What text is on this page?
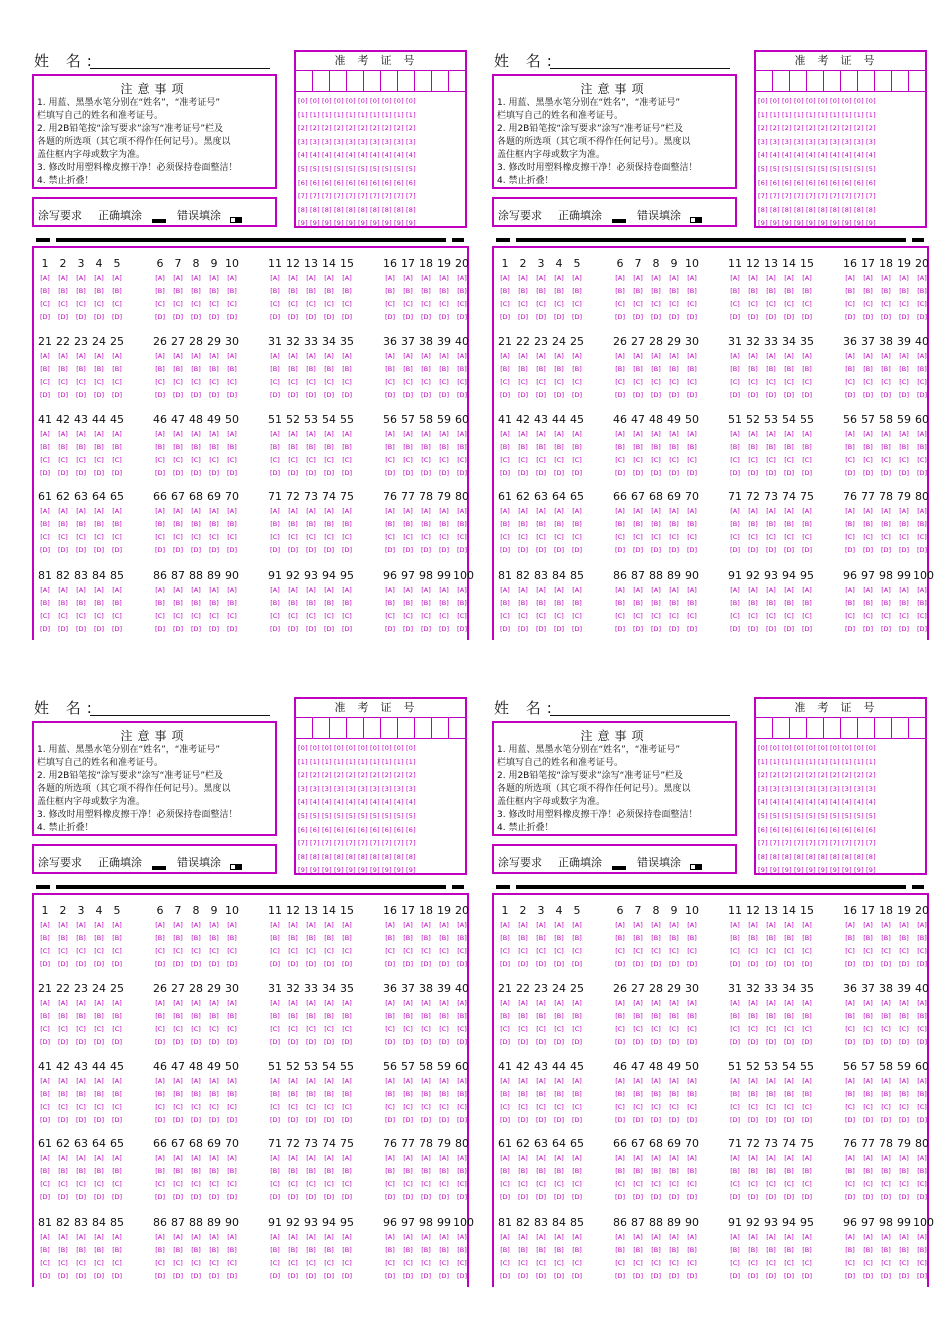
姓 名:
注意事项
1. 用蓝、黑墨水笔分别在“姓名”，“准考证号”
栏填写自己的姓名和准考证号。
2. 用2B铅笔按“涂写要求”涂写“准考证号”栏及
各题的所选项（其它项不得作任何记号）。黑度以
盖住框内字母或数字为准。
3. 修改时用塑料橡皮擦干净！必须保持卷面整洁！
4. 禁止折叠！
涂写要求 正确填涂	错误填涂
准考证号
[0] [0] [0] [0] [0] [0] [0] [0] [0] [0]
[1] [1] [1] [1] [1] [1] [1] [1] [1] [1]
[2] [2] [2] [2] [2] [2] [2] [2] [2] [2]
[3] [3] [3] [3] [3] [3] [3] [3] [3] [3]
[4] [4] [4] [4] [4] [4] [4] [4] [4] [4]
[5] [5] [5] [5] [5] [5] [5] [5] [5] [5]
[6] [6] [6] [6] [6] [6] [6] [6] [6] [6]
[7] [7] [7] [7] [7] [7] [7] [7] [7] [7]
[8] [8] [8] [8] [8] [8] [8] [8] [8] [8]
[9] [9] [9] [9] [9] [9] [9] [9] [9] [9]
1 2 3 4 5
[A] [A] [A] [A] [A]
[B] [B] [B] [B] [B]
[C] [C] [C] [C] [C]
[D] [D] [D] [D] [D]
6 7 8 9 10
[A] [A] [A] [A] [A]
[B] [B] [B] [B] [B]
[C] [C] [C] [C] [C]
[D] [D] [D] [D] [D]
11 12 13 14 15
[A] [A] [A] [A] [A]
[B] [B] [B] [B] [B]
[C] [C] [C] [C] [C]
[D] [D] [D] [D] [D]
16 17 18 19 20
[A] [A] [A] [A] [A]
[B] [B] [B] [B] [B]
[C] [C] [C] [C] [C]
[D] [D] [D] [D] [D]
21 22 23 24 25
[A] [A] [A] [A] [A]
[B] [B] [B] [B] [B]
[C] [C] [C] [C] [C]
[D] [D] [D] [D] [D]
26 27 28 29 30
[A] [A] [A] [A] [A]
[B] [B] [B] [B] [B]
[C] [C] [C] [C] [C]
[D] [D] [D] [D] [D]
31 32 33 34 35
[A] [A] [A] [A] [A]
[B] [B] [B] [B] [B]
[C] [C] [C] [C] [C]
[D] [D] [D] [D] [D]
36 37 38 39 40
[A] [A] [A] [A] [A]
[B] [B] [B] [B] [B]
[C] [C] [C] [C] [C]
[D] [D] [D] [D] [D]
41 42 43 44 45
[A] [A] [A] [A] [A]
[B] [B] [B] [B] [B]
[C] [C] [C] [C] [C]
[D] [D] [D] [D] [D]
46 47 48 49 50
[A] [A] [A] [A] [A]
[B] [B] [B] [B] [B]
[C] [C] [C] [C] [C]
[D] [D] [D] [D] [D]
51 52 53 54 55
[A] [A] [A] [A] [A]
[B] [B] [B] [B] [B]
[C] [C] [C] [C] [C]
[D] [D] [D] [D] [D]
56 57 58 59 60
[A] [A] [A] [A] [A]
[B] [B] [B] [B] [B]
[C] [C] [C] [C] [C]
[D] [D] [D] [D] [D]
61 62 63 64 65
[A] [A] [A] [A] [A]
[B] [B] [B] [B] [B]
[C] [C] [C] [C] [C]
[D] [D] [D] [D] [D]
66 67 68 69 70
[A] [A] [A] [A] [A]
[B] [B] [B] [B] [B]
[C] [C] [C] [C] [C]
[D] [D] [D] [D] [D]
71 72 73 74 75
[A] [A] [A] [A] [A]
[B] [B] [B] [B] [B]
[C] [C] [C] [C] [C]
[D] [D] [D] [D] [D]
76 77 78 79 80
[A] [A] [A] [A] [A]
[B] [B] [B] [B] [B]
[C] [C] [C] [C] [C]
[D] [D] [D] [D] [D]
81 82 83 84 85
[A] [A] [A] [A] [A]
[B] [B] [B] [B] [B]
[C] [C] [C] [C] [C]
[D] [D] [D] [D] [D]
86 87 88 89 90
[A] [A] [A] [A] [A]
[B] [B] [B] [B] [B]
[C] [C] [C] [C] [C]
[D] [D] [D] [D] [D]
91 92 93 94 95
[A] [A] [A] [A] [A]
[B] [B] [B] [B] [B]
[C] [C] [C] [C] [C]
[D] [D] [D] [D] [D]
96 97 98 99 100
[A] [A] [A] [A] [A]
[B] [B] [B] [B] [B]
[C] [C] [C] [C] [C]
[D] [D] [D] [D] [D]
姓 名:
注意事项
1. 用蓝、黑墨水笔分别在“姓名”，“准考证号”
栏填写自己的姓名和准考证号。
2. 用2B铅笔按“涂写要求”涂写“准考证号”栏及
各题的所选项（其它项不得作任何记号）。黑度以
盖住框内字母或数字为准。
3. 修改时用塑料橡皮擦干净！必须保持卷面整洁！
4. 禁止折叠！
涂写要求 正确填涂	错误填涂
准考证号
[0] [0] [0] [0] [0] [0] [0] [0] [0] [0]
[1] [1] [1] [1] [1] [1] [1] [1] [1] [1]
[2] [2] [2] [2] [2] [2] [2] [2] [2] [2]
[3] [3] [3] [3] [3] [3] [3] [3] [3] [3]
[4] [4] [4] [4] [4] [4] [4] [4] [4] [4]
[5] [5] [5] [5] [5] [5] [5] [5] [5] [5]
[6] [6] [6] [6] [6] [6] [6] [6] [6] [6]
[7] [7] [7] [7] [7] [7] [7] [7] [7] [7]
[8] [8] [8] [8] [8] [8] [8] [8] [8] [8]
[9] [9] [9] [9] [9] [9] [9] [9] [9] [9]
1 2 3 4 5
[A] [A] [A] [A] [A]
[B] [B] [B] [B] [B]
[C] [C] [C] [C] [C]
[D] [D] [D] [D] [D]
6 7 8 9 10
[A] [A] [A] [A] [A]
[B] [B] [B] [B] [B]
[C] [C] [C] [C] [C]
[D] [D] [D] [D] [D]
11 12 13 14 15
[A] [A] [A] [A] [A]
[B] [B] [B] [B] [B]
[C] [C] [C] [C] [C]
[D] [D] [D] [D] [D]
16 17 18 19 20
[A] [A] [A] [A] [A]
[B] [B] [B] [B] [B]
[C] [C] [C] [C] [C]
[D] [D] [D] [D] [D]
21 22 23 24 25
[A] [A] [A] [A] [A]
[B] [B] [B] [B] [B]
[C] [C] [C] [C] [C]
[D] [D] [D] [D] [D]
26 27 28 29 30
[A] [A] [A] [A] [A]
[B] [B] [B] [B] [B]
[C] [C] [C] [C] [C]
[D] [D] [D] [D] [D]
31 32 33 34 35
[A] [A] [A] [A] [A]
[B] [B] [B] [B] [B]
[C] [C] [C] [C] [C]
[D] [D] [D] [D] [D]
36 37 38 39 40
[A] [A] [A] [A] [A]
[B] [B] [B] [B] [B]
[C] [C] [C] [C] [C]
[D] [D] [D] [D] [D]
41 42 43 44 45
[A] [A] [A] [A] [A]
[B] [B] [B] [B] [B]
[C] [C] [C] [C] [C]
[D] [D] [D] [D] [D]
46 47 48 49 50
[A] [A] [A] [A] [A]
[B] [B] [B] [B] [B]
[C] [C] [C] [C] [C]
[D] [D] [D] [D] [D]
51 52 53 54 55
[A] [A] [A] [A] [A]
[B] [B] [B] [B] [B]
[C] [C] [C] [C] [C]
[D] [D] [D] [D] [D]
56 57 58 59 60
[A] [A] [A] [A] [A]
[B] [B] [B] [B] [B]
[C] [C] [C] [C] [C]
[D] [D] [D] [D] [D]
61 62 63 64 65
[A] [A] [A] [A] [A]
[B] [B] [B] [B] [B]
[C] [C] [C] [C] [C]
[D] [D] [D] [D] [D]
66 67 68 69 70
[A] [A] [A] [A] [A]
[B] [B] [B] [B] [B]
[C] [C] [C] [C] [C]
[D] [D] [D] [D] [D]
71 72 73 74 75
[A] [A] [A] [A] [A]
[B] [B] [B] [B] [B]
[C] [C] [C] [C] [C]
[D] [D] [D] [D] [D]
76 77 78 79 80
[A] [A] [A] [A] [A]
[B] [B] [B] [B] [B]
[C] [C] [C] [C] [C]
[D] [D] [D] [D] [D]
81 82 83 84 85
[A] [A] [A] [A] [A]
[B] [B] [B] [B] [B]
[C] [C] [C] [C] [C]
[D] [D] [D] [D] [D]
86 87 88 89 90
[A] [A] [A] [A] [A]
[B] [B] [B] [B] [B]
[C] [C] [C] [C] [C]
[D] [D] [D] [D] [D]
91 92 93 94 95
[A] [A] [A] [A] [A]
[B] [B] [B] [B] [B]
[C] [C] [C] [C] [C]
[D] [D] [D] [D] [D]
96 97 98 99 100
[A] [A] [A] [A] [A]
[B] [B] [B] [B] [B]
[C] [C] [C] [C] [C]
[D] [D] [D] [D] [D]
姓 名:
注意事项
1. 用蓝、黑墨水笔分别在“姓名”，“准考证号”
栏填写自己的姓名和准考证号。
2. 用2B铅笔按“涂写要求”涂写“准考证号”栏及
各题的所选项（其它项不得作任何记号）。黑度以
盖住框内字母或数字为准。
3. 修改时用塑料橡皮擦干净！必须保持卷面整洁！
4. 禁止折叠！
涂写要求 正确填涂	错误填涂
准考证号
[0] [0] [0] [0] [0] [0] [0] [0] [0] [0]
[1] [1] [1] [1] [1] [1] [1] [1] [1] [1]
[2] [2] [2] [2] [2] [2] [2] [2] [2] [2]
[3] [3] [3] [3] [3] [3] [3] [3] [3] [3]
[4] [4] [4] [4] [4] [4] [4] [4] [4] [4]
[5] [5] [5] [5] [5] [5] [5] [5] [5] [5]
[6] [6] [6] [6] [6] [6] [6] [6] [6] [6]
[7] [7] [7] [7] [7] [7] [7] [7] [7] [7]
[8] [8] [8] [8] [8] [8] [8] [8] [8] [8]
[9] [9] [9] [9] [9] [9] [9] [9] [9] [9]
1 2 3 4 5
[A] [A] [A] [A] [A]
[B] [B] [B] [B] [B]
[C] [C] [C] [C] [C]
[D] [D] [D] [D] [D]
6 7 8 9 10
[A] [A] [A] [A] [A]
[B] [B] [B] [B] [B]
[C] [C] [C] [C] [C]
[D] [D] [D] [D] [D]
11 12 13 14 15
[A] [A] [A] [A] [A]
[B] [B] [B] [B] [B]
[C] [C] [C] [C] [C]
[D] [D] [D] [D] [D]
16 17 18 19 20
[A] [A] [A] [A] [A]
[B] [B] [B] [B] [B]
[C] [C] [C] [C] [C]
[D] [D] [D] [D] [D]
21 22 23 24 25
[A] [A] [A] [A] [A]
[B] [B] [B] [B] [B]
[C] [C] [C] [C] [C]
[D] [D] [D] [D] [D]
26 27 28 29 30
[A] [A] [A] [A] [A]
[B] [B] [B] [B] [B]
[C] [C] [C] [C] [C]
[D] [D] [D] [D] [D]
31 32 33 34 35
[A] [A] [A] [A] [A]
[B] [B] [B] [B] [B]
[C] [C] [C] [C] [C]
[D] [D] [D] [D] [D]
36 37 38 39 40
[A] [A] [A] [A] [A]
[B] [B] [B] [B] [B]
[C] [C] [C] [C] [C]
[D] [D] [D] [D] [D]
41 42 43 44 45
[A] [A] [A] [A] [A]
[B] [B] [B] [B] [B]
[C] [C] [C] [C] [C]
[D] [D] [D] [D] [D]
46 47 48 49 50
[A] [A] [A] [A] [A]
[B] [B] [B] [B] [B]
[C] [C] [C] [C] [C]
[D] [D] [D] [D] [D]
51 52 53 54 55
[A] [A] [A] [A] [A]
[B] [B] [B] [B] [B]
[C] [C] [C] [C] [C]
[D] [D] [D] [D] [D]
56 57 58 59 60
[A] [A] [A] [A] [A]
[B] [B] [B] [B] [B]
[C] [C] [C] [C] [C]
[D] [D] [D] [D] [D]
61 62 63 64 65
[A] [A] [A] [A] [A]
[B] [B] [B] [B] [B]
[C] [C] [C] [C] [C]
[D] [D] [D] [D] [D]
66 67 68 69 70
[A] [A] [A] [A] [A]
[B] [B] [B] [B] [B]
[C] [C] [C] [C] [C]
[D] [D] [D] [D] [D]
71 72 73 74 75
[A] [A] [A] [A] [A]
[B] [B] [B] [B] [B]
[C] [C] [C] [C] [C]
[D] [D] [D] [D] [D]
76 77 78 79 80
[A] [A] [A] [A] [A]
[B] [B] [B] [B] [B]
[C] [C] [C] [C] [C]
[D] [D] [D] [D] [D]
81 82 83 84 85
[A] [A] [A] [A] [A]
[B] [B] [B] [B] [B]
[C] [C] [C] [C] [C]
[D] [D] [D] [D] [D]
86 87 88 89 90
[A] [A] [A] [A] [A]
[B] [B] [B] [B] [B]
[C] [C] [C] [C] [C]
[D] [D] [D] [D] [D]
91 92 93 94 95
[A] [A] [A] [A] [A]
[B] [B] [B] [B] [B]
[C] [C] [C] [C] [C]
[D] [D] [D] [D] [D]
96 97 98 99 100
[A] [A] [A] [A] [A]
[B] [B] [B] [B] [B]
[C] [C] [C] [C] [C]
[D] [D] [D] [D] [D]
姓 名:
注意事项
1. 用蓝、黑墨水笔分别在“姓名”，“准考证号”
栏填写自己的姓名和准考证号。
2. 用2B铅笔按“涂写要求”涂写“准考证号”栏及
各题的所选项（其它项不得作任何记号）。黑度以
盖住框内字母或数字为准。
3. 修改时用塑料橡皮擦干净！必须保持卷面整洁！
4. 禁止折叠！
涂写要求 正确填涂	错误填涂
准考证号
[0] [0] [0] [0] [0] [0] [0] [0] [0] [0]
[1] [1] [1] [1] [1] [1] [1] [1] [1] [1]
[2] [2] [2] [2] [2] [2] [2] [2] [2] [2]
[3] [3] [3] [3] [3] [3] [3] [3] [3] [3]
[4] [4] [4] [4] [4] [4] [4] [4] [4] [4]
[5] [5] [5] [5] [5] [5] [5] [5] [5] [5]
[6] [6] [6] [6] [6] [6] [6] [6] [6] [6]
[7] [7] [7] [7] [7] [7] [7] [7] [7] [7]
[8] [8] [8] [8] [8] [8] [8] [8] [8] [8]
[9] [9] [9] [9] [9] [9] [9] [9] [9] [9]
1 2 3 4 5
[A] [A] [A] [A] [A]
[B] [B] [B] [B] [B]
[C] [C] [C] [C] [C]
[D] [D] [D] [D] [D]
6 7 8 9 10
[A] [A] [A] [A] [A]
[B] [B] [B] [B] [B]
[C] [C] [C] [C] [C]
[D] [D] [D] [D] [D]
11 12 13 14 15
[A] [A] [A] [A] [A]
[B] [B] [B] [B] [B]
[C] [C] [C] [C] [C]
[D] [D] [D] [D] [D]
16 17 18 19 20
[A] [A] [A] [A] [A]
[B] [B] [B] [B] [B]
[C] [C] [C] [C] [C]
[D] [D] [D] [D] [D]
21 22 23 24 25
[A] [A] [A] [A] [A]
[B] [B] [B] [B] [B]
[C] [C] [C] [C] [C]
[D] [D] [D] [D] [D]
26 27 28 29 30
[A] [A] [A] [A] [A]
[B] [B] [B] [B] [B]
[C] [C] [C] [C] [C]
[D] [D] [D] [D] [D]
31 32 33 34 35
[A] [A] [A] [A] [A]
[B] [B] [B] [B] [B]
[C] [C] [C] [C] [C]
[D] [D] [D] [D] [D]
36 37 38 39 40
[A] [A] [A] [A] [A]
[B] [B] [B] [B] [B]
[C] [C] [C] [C] [C]
[D] [D] [D] [D] [D]
41 42 43 44 45
[A] [A] [A] [A] [A]
[B] [B] [B] [B] [B]
[C] [C] [C] [C] [C]
[D] [D] [D] [D] [D]
46 47 48 49 50
[A] [A] [A] [A] [A]
[B] [B] [B] [B] [B]
[C] [C] [C] [C] [C]
[D] [D] [D] [D] [D]
51 52 53 54 55
[A] [A] [A] [A] [A]
[B] [B] [B] [B] [B]
[C] [C] [C] [C] [C]
[D] [D] [D] [D] [D]
56 57 58 59 60
[A] [A] [A] [A] [A]
[B] [B] [B] [B] [B]
[C] [C] [C] [C] [C]
[D] [D] [D] [D] [D]
61 62 63 64 65
[A] [A] [A] [A] [A]
[B] [B] [B] [B] [B]
[C] [C] [C] [C] [C]
[D] [D] [D] [D] [D]
66 67 68 69 70
[A] [A] [A] [A] [A]
[B] [B] [B] [B] [B]
[C] [C] [C] [C] [C]
[D] [D] [D] [D] [D]
71 72 73 74 75
[A] [A] [A] [A] [A]
[B] [B] [B] [B] [B]
[C] [C] [C] [C] [C]
[D] [D] [D] [D] [D]
76 77 78 79 80
[A] [A] [A] [A] [A]
[B] [B] [B] [B] [B]
[C] [C] [C] [C] [C]
[D] [D] [D] [D] [D]
81 82 83 84 85
[A] [A] [A] [A] [A]
[B] [B] [B] [B] [B]
[C] [C] [C] [C] [C]
[D] [D] [D] [D] [D]
86 87 88 89 90
[A] [A] [A] [A] [A]
[B] [B] [B] [B] [B]
[C] [C] [C] [C] [C]
[D] [D] [D] [D] [D]
91 92 93 94 95
[A] [A] [A] [A] [A]
[B] [B] [B] [B] [B]
[C] [C] [C] [C] [C]
[D] [D] [D] [D] [D]
96 97 98 99 100
[A] [A] [A] [A] [A]
[B] [B] [B] [B] [B]
[C] [C] [C] [C] [C]
[D] [D] [D] [D] [D]
